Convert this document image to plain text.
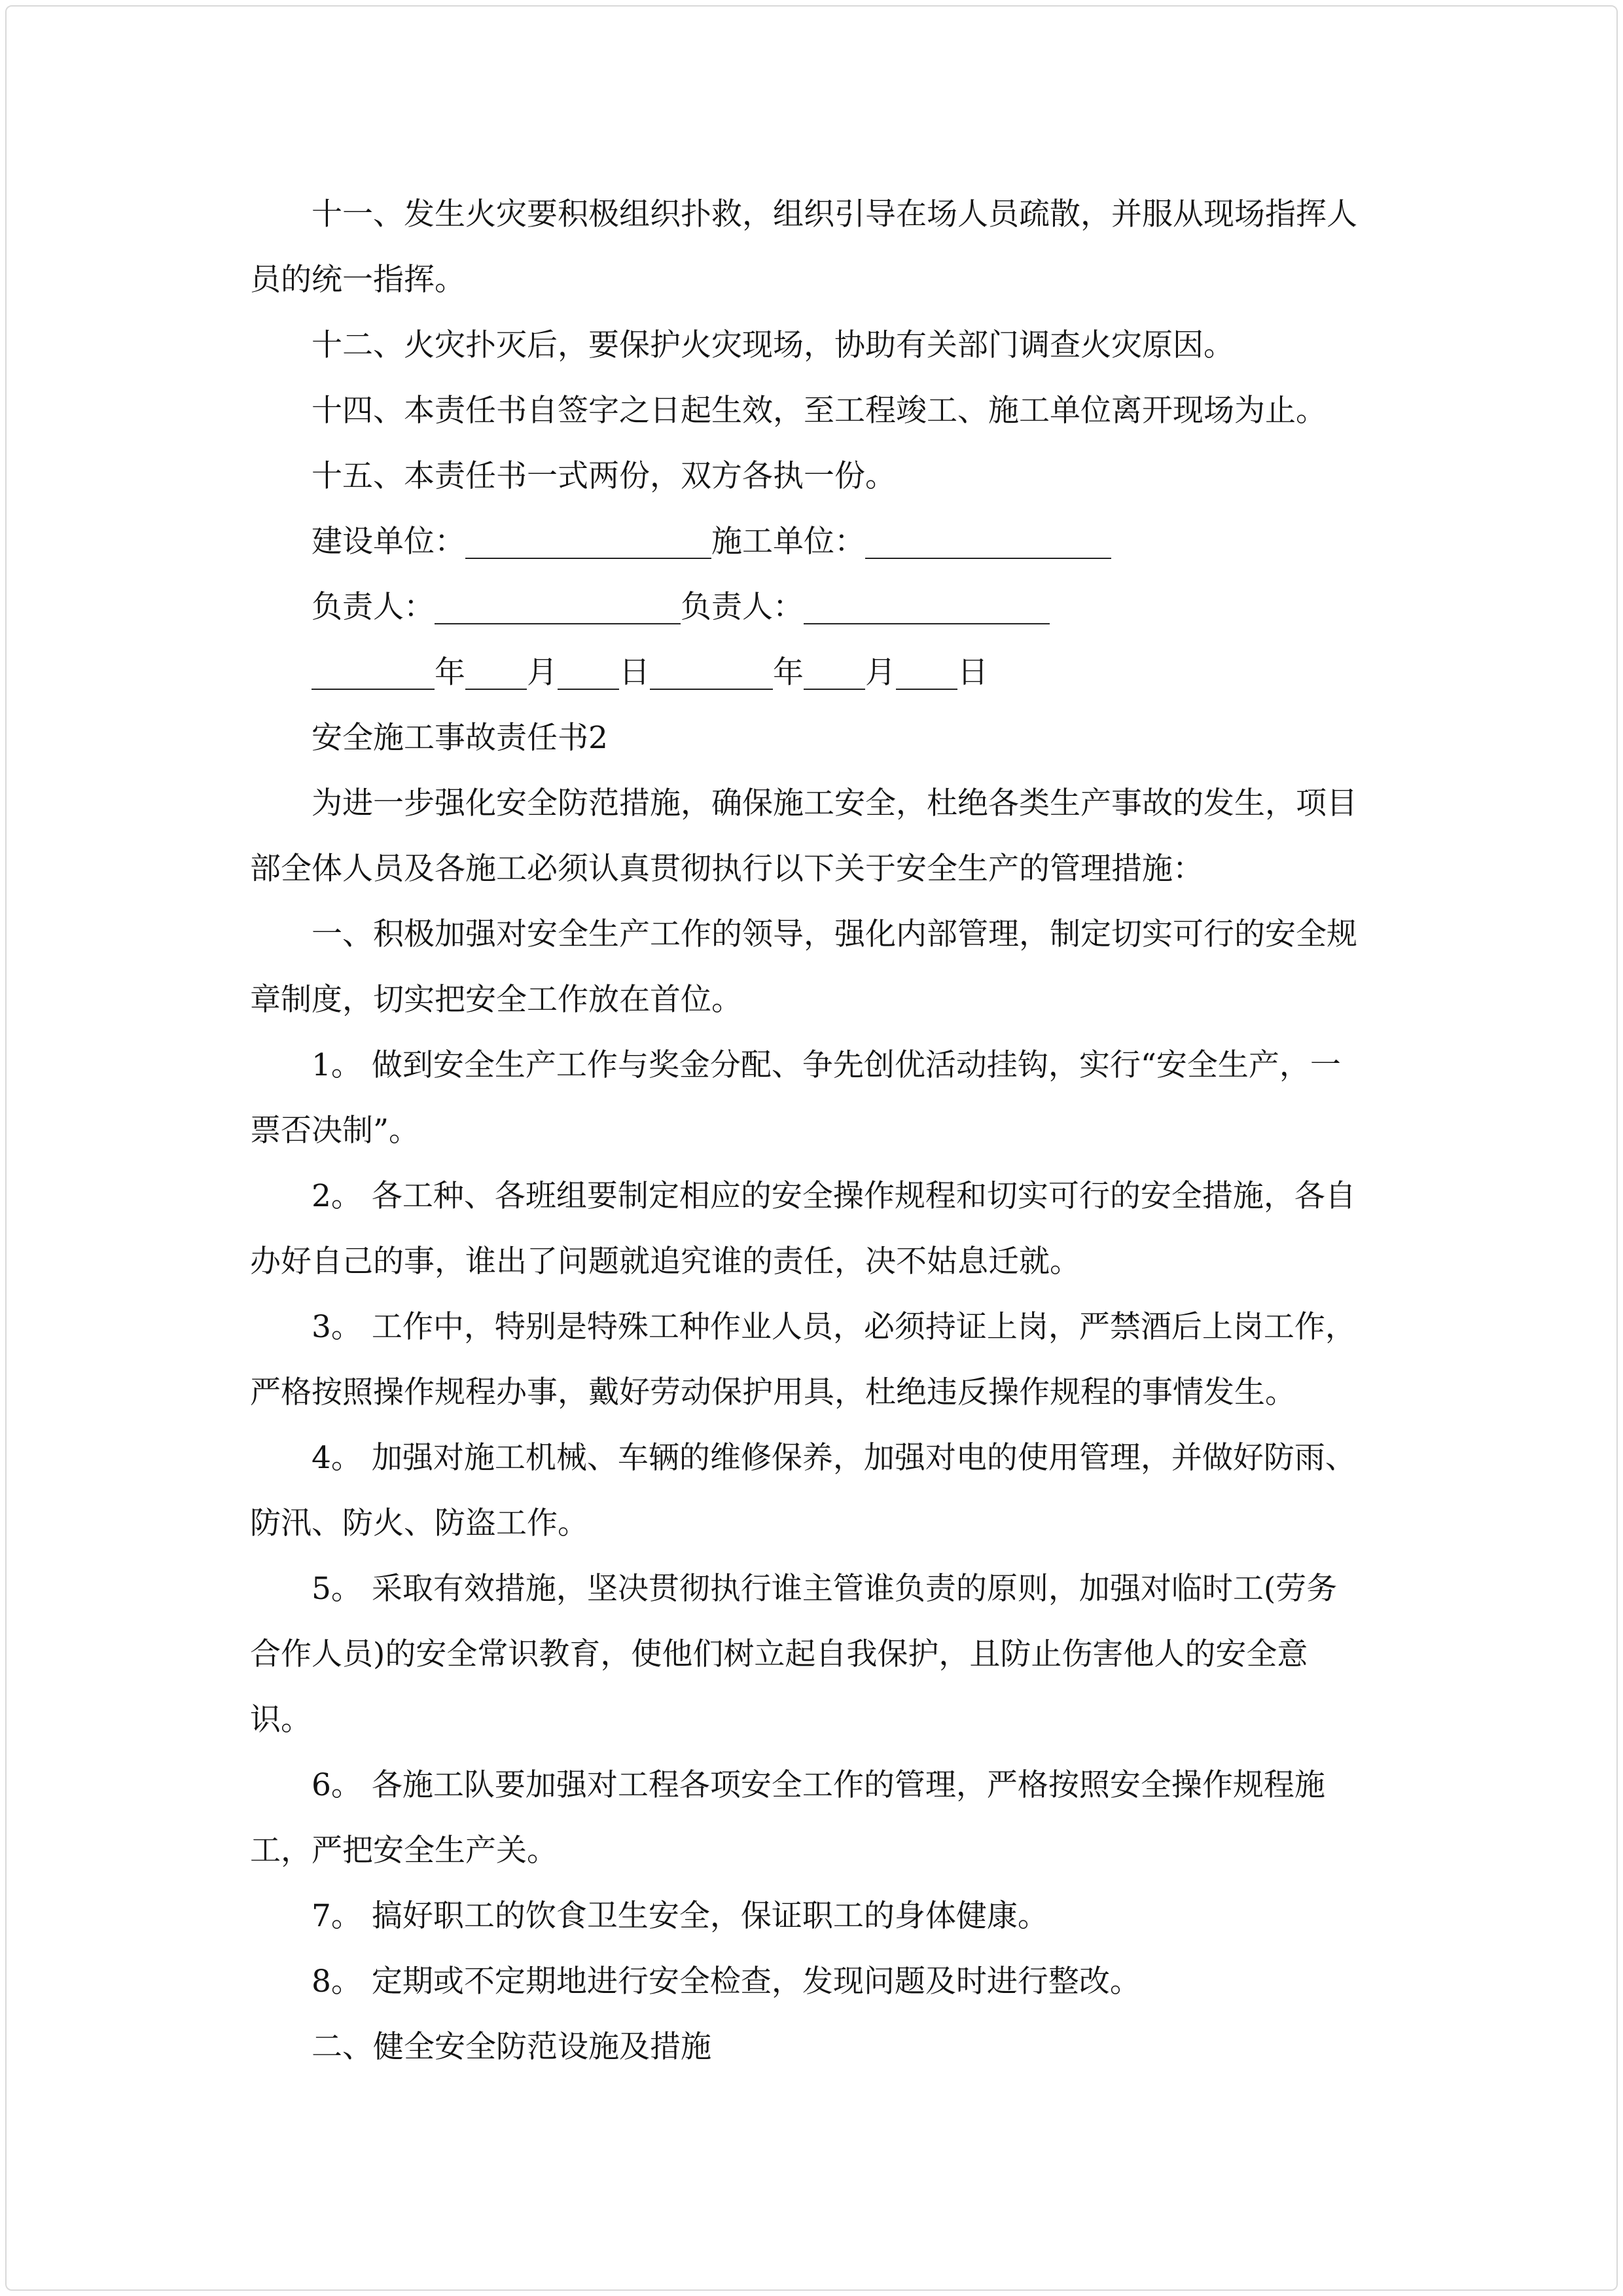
十一、发生火灾要积极组织扑救，组织引导在场人员疏散，并服从现场指挥人员的统一指挥。

十二、火灾扑灭后，要保护火灾现场，协助有关部门调查火灾原因。

十四、本责任书自签字之日起生效，至工程竣工、施工单位离开现场为止。

十五、本责任书一式两份，双方各执一份。

建设单位：________________施工单位：________________

负责人：________________负责人：________________

________年____月____日________年____月____日

安全施工事故责任书2

为进一步强化安全防范措施，确保施工安全，杜绝各类生产事故的发生，项目部全体人员及各施工必须认真贯彻执行以下关于安全生产的管理措施：

一、积极加强对安全生产工作的领导，强化内部管理，制定切实可行的安全规章制度，切实把安全工作放在首位。

1。 做到安全生产工作与奖金分配、争先创优活动挂钩，实行“安全生产，一票否决制”。

2。 各工种、各班组要制定相应的安全操作规程和切实可行的安全措施，各自办好自己的事，谁出了问题就追究谁的责任，决不姑息迁就。

3。 工作中，特别是特殊工种作业人员，必须持证上岗，严禁酒后上岗工作，严格按照操作规程办事，戴好劳动保护用具，杜绝违反操作规程的事情发生。

4。 加强对施工机械、车辆的维修保养，加强对电的使用管理，并做好防雨、防汛、防火、防盗工作。

5。 采取有效措施，坚决贯彻执行谁主管谁负责的原则，加强对临时工(劳务合作人员)的安全常识教育，使他们树立起自我保护，且防止伤害他人的安全意识。

6。 各施工队要加强对工程各项安全工作的管理，严格按照安全操作规程施工，严把安全生产关。

7。 搞好职工的饮食卫生安全，保证职工的身体健康。

8。 定期或不定期地进行安全检查，发现问题及时进行整改。

二、健全安全防范设施及措施
